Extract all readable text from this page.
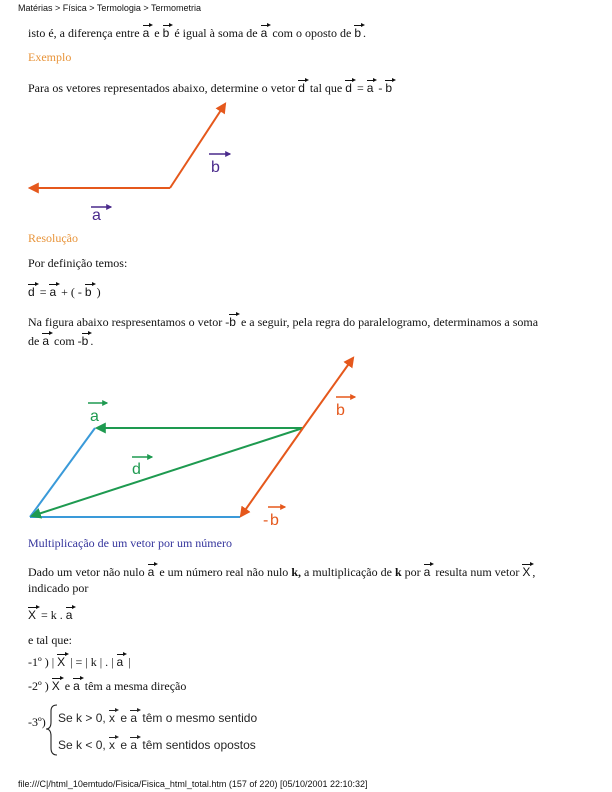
Matérias > Física > Termologia > Termometria
isto é, a diferença entre a e b é igual à soma de a com o oposto de b .
Exemplo
Para os vetores representados abaixo, determine o vetor d tal que d = a - b
b
a
Resolução
Por definição temos:
d = a + ( - b )
Na figura abaixo respresentamos o vetor -b e a seguir, pela regra do paralelogramo, determinamos a soma
de a com -b .
a
d
b
- b
Multiplicação de um vetor por um número
Dado um vetor não nulo a e um número real não nulo k, a multiplicação de k por a resulta num vetor X ,
indicado por
X = k . a
e tal que:
-1º ) | X | = | k | . | a |
-2º ) X e a têm a mesma direção
-3º) Se k > 0, x e a têm o mesmo sentido
Se k < 0, x e a têm sentidos opostos
file:///C|/html_10emtudo/Fisica/Fisica_html_total.htm (157 of 220) [05/10/2001 22:10:32]
